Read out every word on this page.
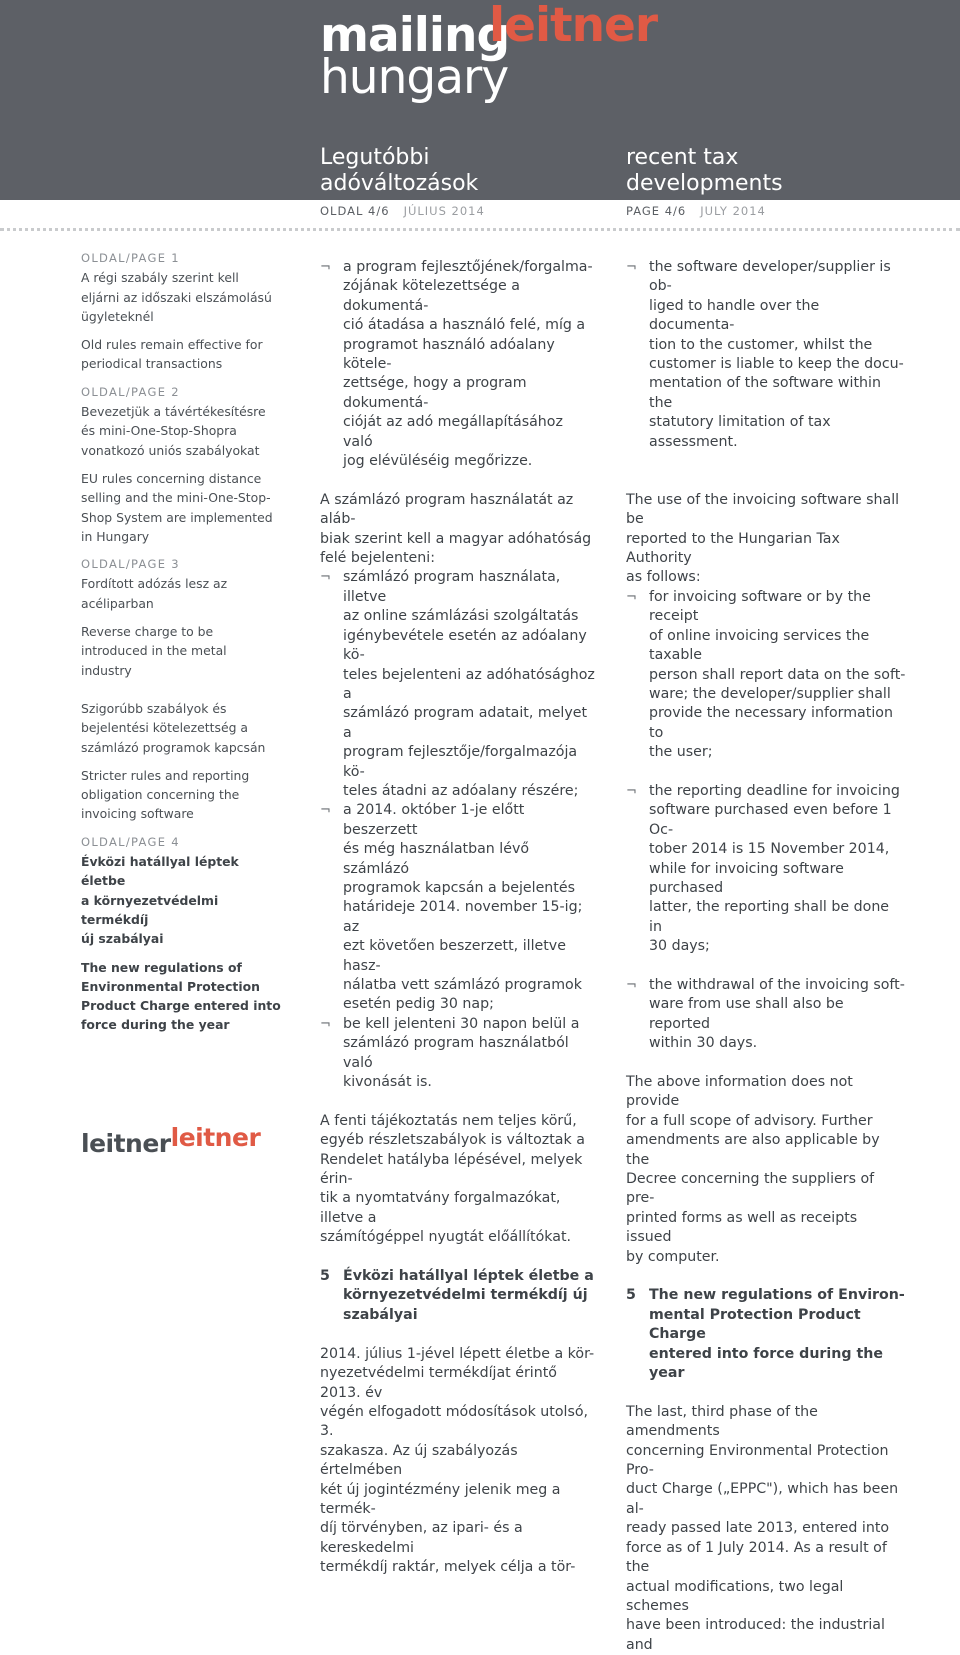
mailing
leitner
hungary
Legutóbbi
adóváltozások
recent tax
developments
OLDAL 4/6 JÚLIUS 2014	PAGE 4/6 JULY 2014
OLDAL/PAGE 1
A régi szabály szerint kell
eljárni az időszaki elszámolású
ügyleteknél
Old rules remain effective for
periodical transactions
OLDAL/PAGE 2
Bevezetjük a távértékesítésre
és mini-One-Stop-Shopra
vonatkozó uniós szabályokat
EU rules concerning distance
selling and the mini-One-Stop-
Shop System are implemented
in Hungary
OLDAL/PAGE 3
Fordított adózás lesz az
acéliparban
Reverse charge to be
introduced in the metal
industry
Szigorúbb szabályok és
bejelentési kötelezettség a
számlázó programok kapcsán
Stricter rules and reporting
obligation concerning the
invoicing software
OLDAL/PAGE 4
Évközi hatállyal léptek életbe
a környezetvédelmi termékdíj
új szabályai
The new regulations of
Environmental Protection
Product Charge entered into
force during the year
¬ a program fejlesztőjének/forgalma-
zójának kötelezettsége a dokumentá-
ció átadása a használó felé, míg a
programot használó adóalany kötele-
zettsége, hogy a program dokumentá-
cióját az adó megállapításához való
jog elévüléséig megőrizze.
A számlázó program használatát az aláb-
biak szerint kell a magyar adóhatóság
felé bejelenteni:
¬ számlázó program használata, illetve
az online számlázási szolgáltatás
igénybevétele esetén az adóalany kö-
teles bejelenteni az adóhatósághoz a
számlázó program adatait, melyet a
program fejlesztője/forgalmazója kö-
teles átadni az adóalany részére;
¬ a 2014. október 1-je előtt beszerzett
és még használatban lévő számlázó
programok kapcsán a bejelentés
határideje 2014. november 15-ig; az
ezt követően beszerzett, illetve hasz-
nálatba vett számlázó programok
esetén pedig 30 nap;
¬ be kell jelenteni 30 napon belül a
számlázó program használatból való
kivonását is.
A fenti tájékoztatás nem teljes körű,
egyéb részletszabályok is változtak a
Rendelet hatályba lépésével, melyek érin-
tik a nyomtatvány forgalmazókat, illetve a
számítógéppel nyugtát előállítókat.
5 Évközi hatállyal léptek életbe a
környezetvédelmi termékdíj új
szabályai
2014. július 1-jével lépett életbe a kör-
nyezetvédelmi termékdíjat érintő 2013. év
végén elfogadott módosítások utolsó, 3.
szakasza. Az új szabályozás értelmében
két új jogintézmény jelenik meg a termék-
díj törvényben, az ipari- és a kereskedelmi
termékdíj raktár, melyek célja a tör-
¬ the software developer/supplier is ob-
liged to handle over the documenta-
tion to the customer, whilst the
customer is liable to keep the docu-
mentation of the software within the
statutory limitation of tax assessment.
The use of the invoicing software shall be
reported to the Hungarian Tax Authority
as follows:
¬ for invoicing software or by the receipt
of online invoicing services the taxable
person shall report data on the soft-
ware; the developer/supplier shall
provide the necessary information to
the user;
¬ the reporting deadline for invoicing
software purchased even before 1 Oc-
tober 2014 is 15 November 2014,
while for invoicing software purchased
latter, the reporting shall be done in
30 days;
¬ the withdrawal of the invoicing soft-
ware from use shall also be reported
within 30 days.
The above information does not provide
for a full scope of advisory. Further
amendments are also applicable by the
Decree concerning the suppliers of pre-
printed forms as well as receipts issued
by computer.
5 The new regulations of Environ-
mental Protection Product Charge
entered into force during the year
The last, third phase of the amendments
concerning Environmental Protection Pro-
duct Charge („EPPC"), which has been al-
ready passed late 2013, entered into
force as of 1 July 2014. As a result of the
actual modifications, two legal schemes
have been introduced: the industrial and
leitnerleitner
